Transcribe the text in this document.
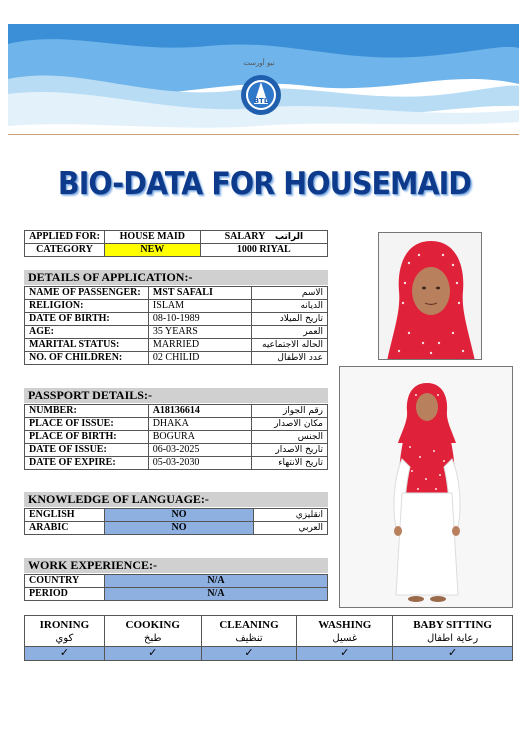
نيو أورست
BTL
BIO-DATA FOR HOUSEMAID
APPLIED FOR:	HOUSE MAID	SALARY الراتب
CATEGORY	NEW	1000 RIYAL
DETAILS OF APPLICATION:-
NAME OF PASSENGER:	MST SAFALI	الاسم
RELIGION:	ISLAM	الديانه
DATE OF BIRTH:	08-10-1989	تاريخ الميلاد
AGE:	35 YEARS	العمر
MARITAL STATUS:	MARRIED	الحاله الاجتماعيه
NO. OF CHILDREN:	02 CHILID	عدد الاطفال
PASSPORT DETAILS:-
NUMBER:	A18136614	رقم الجواز
PLACE OF ISSUE:	DHAKA	مكان الاصدار
PLACE OF BIRTH:	BOGURA	الجنس
DATE OF ISSUE:	06-03-2025	تاريخ الاصدار
DATE OF EXPIRE:	05-03-2030	تاريخ الانتهاء
KNOWLEDGE OF LANGUAGE:-
ENGLISH	NO	انقليزي
ARABIC	NO	العربي
WORK EXPERIENCE:-
COUNTRY	N/A
PERIOD	N/A
IRONING	COOKING	CLEANING	WASHING	BABY SITTING
كوي	طبخ	تنظيف	غسيل	رعاية اطفال
✓	✓	✓	✓	✓
